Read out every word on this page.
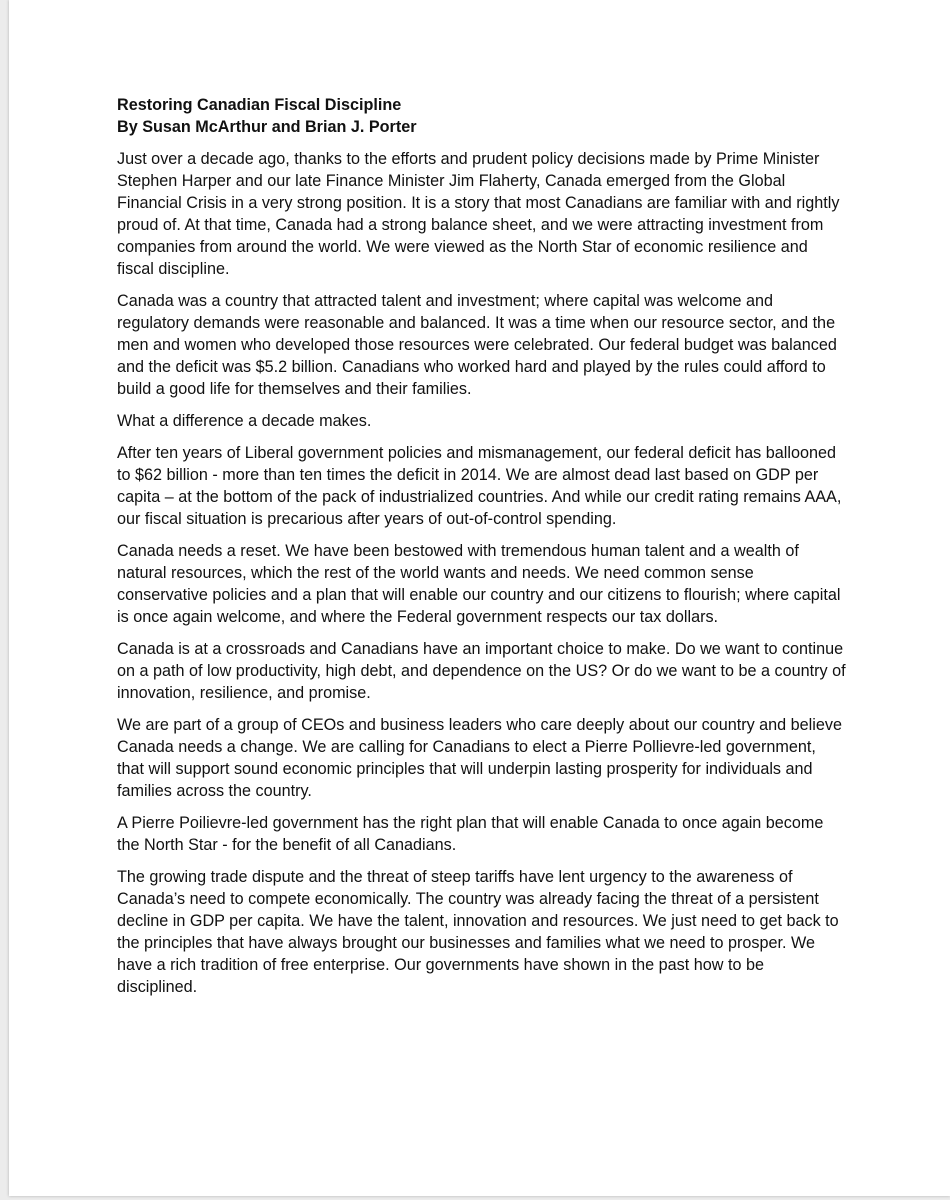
Restoring Canadian Fiscal Discipline

By Susan McArthur and Brian J. Porter

Just over a decade ago, thanks to the efforts and prudent policy decisions made by Prime Minister Stephen Harper and our late Finance Minister Jim Flaherty, Canada emerged from the Global Financial Crisis in a very strong position. It is a story that most Canadians are familiar with and rightly proud of. At that time, Canada had a strong balance sheet, and we were attracting investment from companies from around the world. We were viewed as the North Star of economic resilience and fiscal discipline.

Canada was a country that attracted talent and investment; where capital was welcome and regulatory demands were reasonable and balanced. It was a time when our resource sector, and the men and women who developed those resources were celebrated. Our federal budget was balanced and the deficit was $5.2 billion. Canadians who worked hard and played by the rules could afford to build a good life for themselves and their families.

What a difference a decade makes.

After ten years of Liberal government policies and mismanagement, our federal deficit has ballooned to $62 billion - more than ten times the deficit in 2014. We are almost dead last based on GDP per capita – at the bottom of the pack of industrialized countries. And while our credit rating remains AAA, our fiscal situation is precarious after years of out-of-control spending.

Canada needs a reset. We have been bestowed with tremendous human talent and a wealth of natural resources, which the rest of the world wants and needs. We need common sense conservative policies and a plan that will enable our country and our citizens to flourish; where capital is once again welcome, and where the Federal government respects our tax dollars.

Canada is at a crossroads and Canadians have an important choice to make. Do we want to continue on a path of low productivity, high debt, and dependence on the US? Or do we want to be a country of innovation, resilience, and promise.

We are part of a group of CEOs and business leaders who care deeply about our country and believe Canada needs a change. We are calling for Canadians to elect a Pierre Pollievre-led government, that will support sound economic principles that will underpin lasting prosperity for individuals and families across the country.

A Pierre Poilievre-led government has the right plan that will enable Canada to once again become the North Star - for the benefit of all Canadians.

The growing trade dispute and the threat of steep tariffs have lent urgency to the awareness of Canada’s need to compete economically. The country was already facing the threat of a persistent decline in GDP per capita. We have the talent, innovation and resources. We just need to get back to the principles that have always brought our businesses and families what we need to prosper. We have a rich tradition of free enterprise. Our governments have shown in the past how to be disciplined.
